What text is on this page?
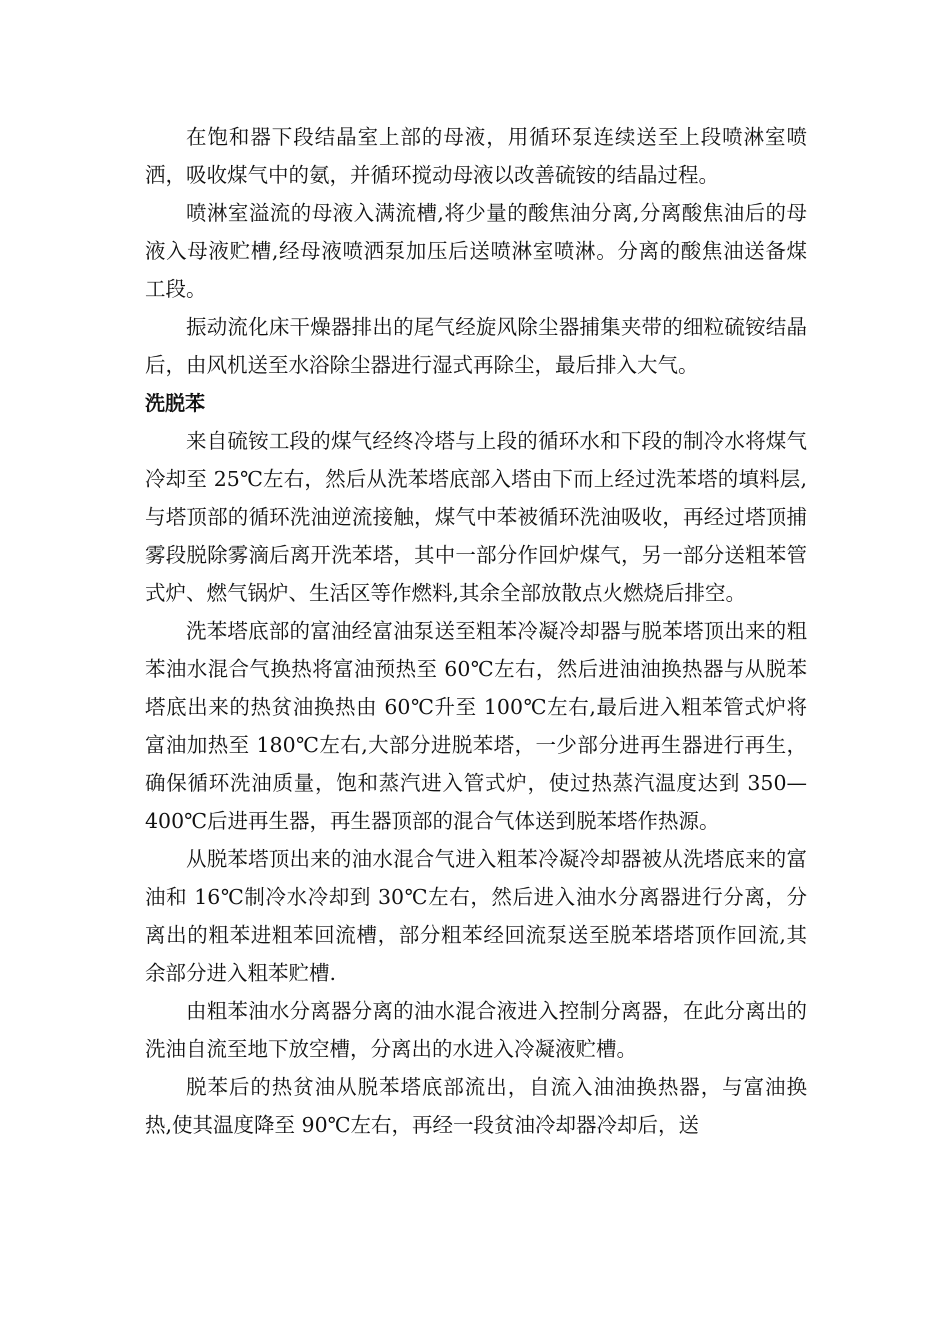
在饱和器下段结晶室上部的母液，用循环泵连续送至上段喷淋室喷洒，吸收煤气中的氨，并循环搅动母液以改善硫铵的结晶过程。

喷淋室溢流的母液入满流槽,将少量的酸焦油分离,分离酸焦油后的母液入母液贮槽,经母液喷洒泵加压后送喷淋室喷淋。分离的酸焦油送备煤工段。

振动流化床干燥器排出的尾气经旋风除尘器捕集夹带的细粒硫铵结晶后，由风机送至水浴除尘器进行湿式再除尘，最后排入大气。

洗脱苯

来自硫铵工段的煤气经终冷塔与上段的循环水和下段的制冷水将煤气冷却至 25℃左右，然后从洗苯塔底部入塔由下而上经过洗苯塔的填料层,与塔顶部的循环洗油逆流接触，煤气中苯被循环洗油吸收，再经过塔顶捕雾段脱除雾滴后离开洗苯塔，其中一部分作回炉煤气，另一部分送粗苯管式炉、燃气锅炉、生活区等作燃料,其余全部放散点火燃烧后排空。

洗苯塔底部的富油经富油泵送至粗苯冷凝冷却器与脱苯塔顶出来的粗苯油水混合气换热将富油预热至 60℃左右，然后进油油换热器与从脱苯塔底出来的热贫油换热由 60℃升至 100℃左右,最后进入粗苯管式炉将富油加热至 180℃左右,大部分进脱苯塔，一少部分进再生器进行再生，确保循环洗油质量，饱和蒸汽进入管式炉，使过热蒸汽温度达到 350—400℃后进再生器，再生器顶部的混合气体送到脱苯塔作热源。

从脱苯塔顶出来的油水混合气进入粗苯冷凝冷却器被从洗塔底来的富油和 16℃制冷水冷却到 30℃左右，然后进入油水分离器进行分离，分离出的粗苯进粗苯回流槽，部分粗苯经回流泵送至脱苯塔塔顶作回流,其余部分进入粗苯贮槽.

由粗苯油水分离器分离的油水混合液进入控制分离器，在此分离出的洗油自流至地下放空槽，分离出的水进入冷凝液贮槽。

脱苯后的热贫油从脱苯塔底部流出，自流入油油换热器，与富油换热,使其温度降至 90℃左右，再经一段贫油冷却器冷却后，送
